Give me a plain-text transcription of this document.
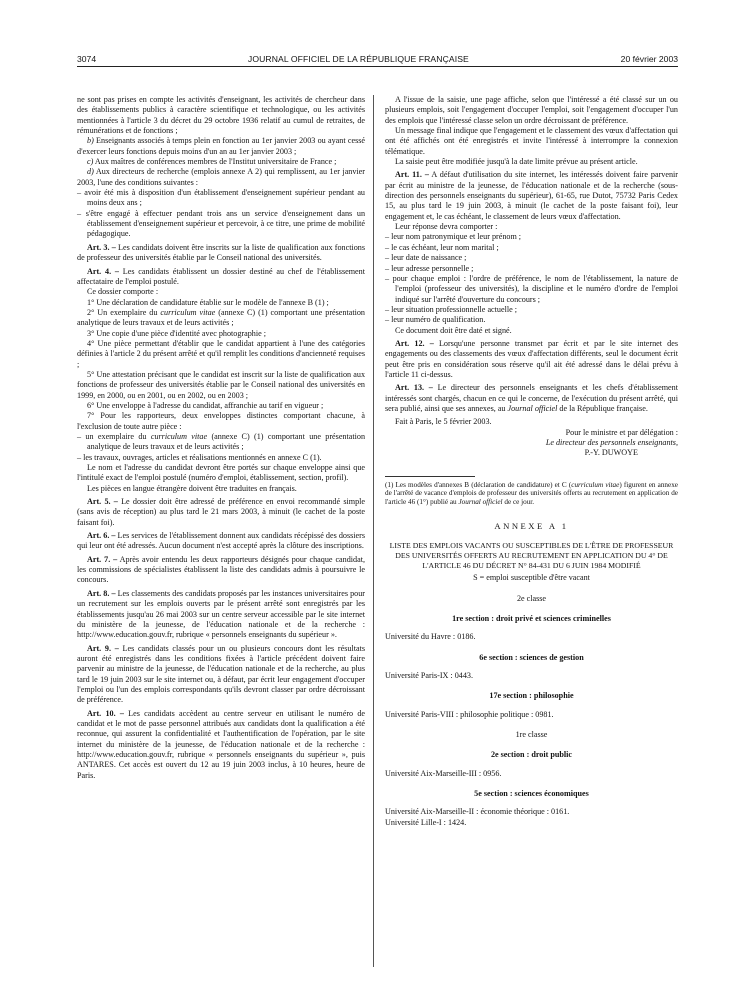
3074	JOURNAL OFFICIEL DE LA RÉPUBLIQUE FRANÇAISE	20 février 2003

ne sont pas prises en compte les activités d'enseignant, les activités de chercheur dans des établissements publics à caractère scientifique et technologique, ou les activités mentionnées à l'article 3 du décret du 29 octobre 1936 relatif au cumul de retraites, de rémunérations et de fonctions ;

b) Enseignants associés à temps plein en fonction au 1er janvier 2003 ou ayant cessé d'exercer leurs fonctions depuis moins d'un an au 1er janvier 2003 ;

c) Aux maîtres de conférences membres de l'Institut universitaire de France ;

d) Aux directeurs de recherche (emplois annexe A 2) qui remplissent, au 1er janvier 2003, l'une des conditions suivantes :

– avoir été mis à disposition d'un établissement d'enseignement supérieur pendant au moins deux ans ;
– s'être engagé à effectuer pendant trois ans un service d'enseignement dans un établissement d'enseignement supérieur et percevoir, à ce titre, une prime de mobilité pédagogique.

Art. 3. – Les candidats doivent être inscrits sur la liste de qualification aux fonctions de professeur des universités établie par le Conseil national des universités.

Art. 4. – Les candidats établissent un dossier destiné au chef de l'établissement affectataire de l'emploi postulé.

Ce dossier comporte :

1° Une déclaration de candidature établie sur le modèle de l'annexe B (1) ;

2° Un exemplaire du curriculum vitae (annexe C) (1) comportant une présentation analytique de leurs travaux et de leurs activités ;

3° Une copie d'une pièce d'identité avec photographie ;

4° Une pièce permettant d'établir que le candidat appartient à l'une des catégories définies à l'article 2 du présent arrêté et qu'il remplit les conditions d'ancienneté requises ;

5° Une attestation précisant que le candidat est inscrit sur la liste de qualification aux fonctions de professeur des universités établie par le Conseil national des universités en 1999, en 2000, ou en 2001, ou en 2002, ou en 2003 ;

6° Une enveloppe à l'adresse du candidat, affranchie au tarif en vigueur ;

7° Pour les rapporteurs, deux enveloppes distinctes comportant chacune, à l'exclusion de toute autre pièce :

– un exemplaire du curriculum vitae (annexe C) (1) comportant une présentation analytique de leurs travaux et de leurs activités ;
– les travaux, ouvrages, articles et réalisations mentionnés en annexe C (1).

Le nom et l'adresse du candidat devront être portés sur chaque enveloppe ainsi que l'intitulé exact de l'emploi postulé (numéro d'emploi, établissement, section, profil).

Les pièces en langue étrangère doivent être traduites en français.

Art. 5. – Le dossier doit être adressé de préférence en envoi recommandé simple (sans avis de réception) au plus tard le 21 mars 2003, à minuit (le cachet de la poste faisant foi).

Art. 6. – Les services de l'établissement donnent aux candidats récépissé des dossiers qui leur ont été adressés. Aucun document n'est accepté après la clôture des inscriptions.

Art. 7. – Après avoir entendu les deux rapporteurs désignés pour chaque candidat, les commissions de spécialistes établissent la liste des candidats admis à poursuivre le concours.

Art. 8. – Les classements des candidats proposés par les instances universitaires pour un recrutement sur les emplois ouverts par le présent arrêté sont enregistrés par les établissements jusqu'au 26 mai 2003 sur un centre serveur accessible par le site internet du ministère de la jeunesse, de l'éducation nationale et de la recherche : http://www.education.gouv.fr, rubrique « personnels enseignants du supérieur ».

Art. 9. – Les candidats classés pour un ou plusieurs concours dont les résultats auront été enregistrés dans les conditions fixées à l'article précédent doivent faire parvenir au ministre de la jeunesse, de l'éducation nationale et de la recherche, au plus tard le 19 juin 2003 sur le site internet ou, à défaut, par écrit leur engagement d'occuper l'emploi ou l'un des emplois correspondants qu'ils devront classer par ordre décroissant de préférence.

Art. 10. – Les candidats accèdent au centre serveur en utilisant le numéro de candidat et le mot de passe personnel attribués aux candidats dont la qualification a été reconnue, qui assurent la confidentialité et l'authentification de l'opération, par le site internet du ministère de la jeunesse, de l'éducation nationale et de la recherche : http://www.education.gouv.fr, rubrique « personnels enseignants du supérieur », puis ANTARES. Cet accès est ouvert du 12 au 19 juin 2003 inclus, à 10 heures, heure de Paris.

A l'issue de la saisie, une page affiche, selon que l'intéressé a été classé sur un ou plusieurs emplois, soit l'engagement d'occuper l'emploi, soit l'engagement d'occuper l'un des emplois que l'intéressé classe selon un ordre décroissant de préférence.

Un message final indique que l'engagement et le classement des vœux d'affectation qui ont été affichés ont été enregistrés et invite l'intéressé à interrompre la connexion télématique.

La saisie peut être modifiée jusqu'à la date limite prévue au présent article.

Art. 11. – A défaut d'utilisation du site internet, les intéressés doivent faire parvenir par écrit au ministre de la jeunesse, de l'éducation nationale et de la recherche (sous-direction des personnels enseignants du supérieur), 61-65, rue Dutot, 75732 Paris Cedex 15, au plus tard le 19 juin 2003, à minuit (le cachet de la poste faisant foi), leur engagement et, le cas échéant, le classement de leurs vœux d'affectation.

Leur réponse devra comporter :

– leur nom patronymique et leur prénom ;
– le cas échéant, leur nom marital ;
– leur date de naissance ;
– leur adresse personnelle ;
– pour chaque emploi : l'ordre de préférence, le nom de l'établissement, la nature de l'emploi (professeur des universités), la discipline et le numéro d'ordre de l'emploi indiqué sur l'arrêté d'ouverture du concours ;
– leur situation professionnelle actuelle ;
– leur numéro de qualification.

Ce document doit être daté et signé.

Art. 12. – Lorsqu'une personne transmet par écrit et par le site internet des engagements ou des classements des vœux d'affectation différents, seul le document écrit peut être pris en considération sous réserve qu'il ait été adressé dans le délai prévu à l'article 11 ci-dessus.

Art. 13. – Le directeur des personnels enseignants et les chefs d'établissement intéressés sont chargés, chacun en ce qui le concerne, de l'exécution du présent arrêté, qui sera publié, ainsi que ses annexes, au Journal officiel de la République française.

Fait à Paris, le 5 février 2003.

Pour le ministre et par délégation :

Le directeur des personnels enseignants,

P.-Y. DUWOYE

(1) Les modèles d'annexes B (déclaration de candidature) et C (curriculum vitae) figurent en annexe de l'arrêté de vacance d'emplois de professeur des universités offerts au recrutement en application de l'article 46 (1°) publié au Journal officiel de ce jour.

ANNEXE A 1

LISTE DES EMPLOIS VACANTS OU SUSCEPTIBLES DE L'ÊTRE DE PROFESSEUR DES UNIVERSITÉS OFFERTS AU RECRUTEMENT EN APPLICATION DU 4° DE L'ARTICLE 46 DU DÉCRET N° 84-431 DU 6 JUIN 1984 MODIFIÉ

S = emploi susceptible d'être vacant

2e classe

1re section : droit privé et sciences criminelles

Université du Havre : 0186.

6e section : sciences de gestion

Université Paris-IX : 0443.

17e section : philosophie

Université Paris-VIII : philosophie politique : 0981.

1re classe

2e section : droit public

Université Aix-Marseille-III : 0956.

5e section : sciences économiques

Université Aix-Marseille-II : économie théorique : 0161.

Université Lille-I : 1424.
